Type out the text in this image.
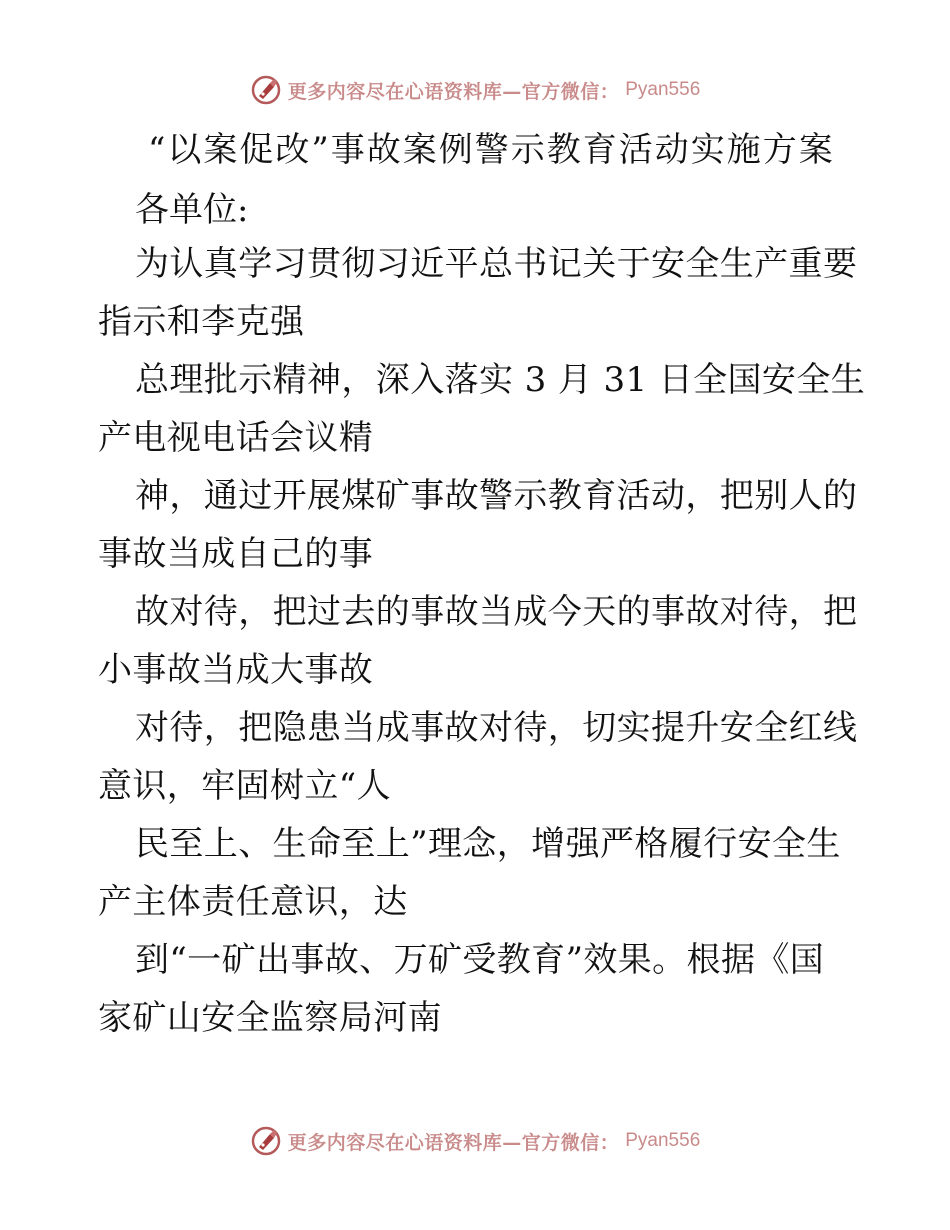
更多内容尽在心语资料库—官方微信： Pyan556
“以案促改”事故案例警示教育活动实施方案
各单位:
为认真学习贯彻习近平总书记关于安全生产重要
指示和李克强
总理批示精神，深入落实 3 月 31 日全国安全生
产电视电话会议精
神，通过开展煤矿事故警示教育活动，把别人的
事故当成自己的事
故对待，把过去的事故当成今天的事故对待，把
小事故当成大事故
对待，把隐患当成事故对待，切实提升安全红线
意识，牢固树立“人
民至上、生命至上”理念，增强严格履行安全生
产主体责任意识，达
到“一矿出事故、万矿受教育”效果。根据《国
家矿山安全监察局河南
更多内容尽在心语资料库—官方微信： Pyan556
